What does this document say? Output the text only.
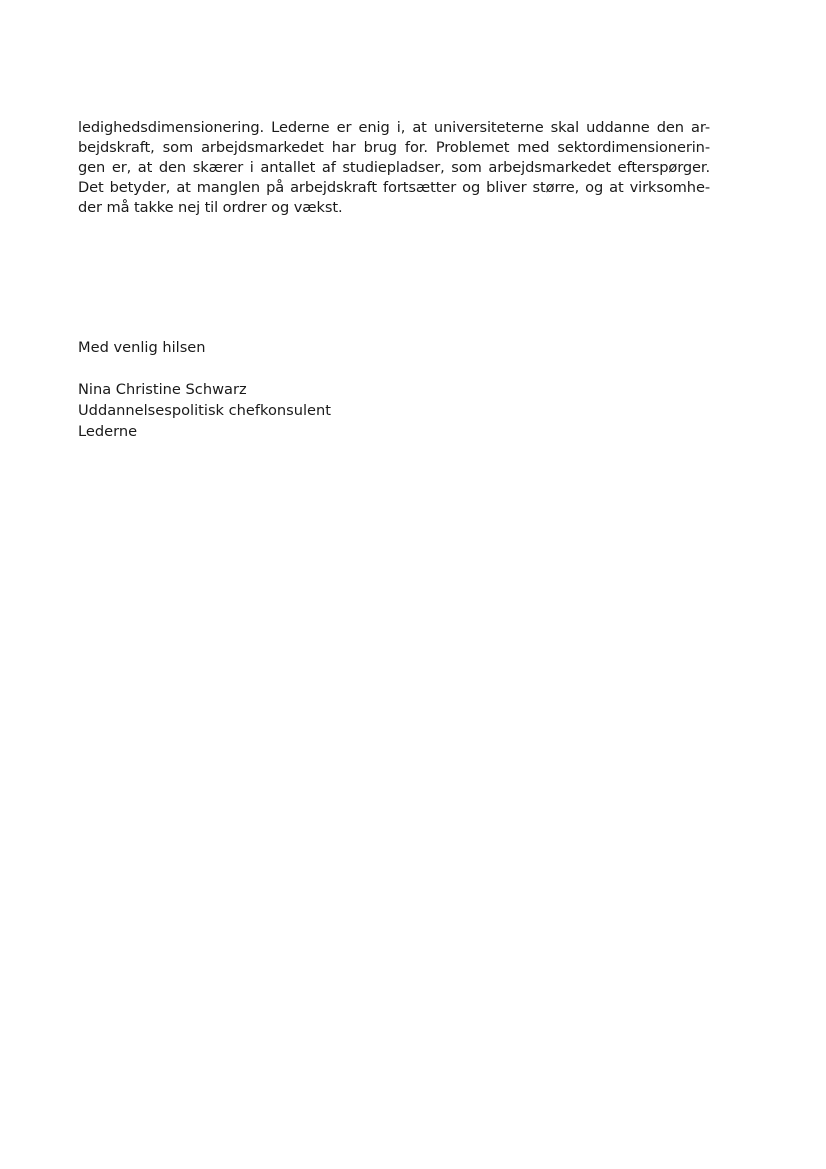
ledighedsdimensionering. Lederne er enig i, at universiteterne skal uddanne den ar-
bejdskraft, som arbejdsmarkedet har brug for. Problemet med sektordimensionerin-
gen er, at den skærer i antallet af studiepladser, som arbejdsmarkedet efterspørger.
Det betyder, at manglen på arbejdskraft fortsætter og bliver større, og at virksomhe-
der må takke nej til ordrer og vækst.

Med venlig hilsen

Nina Christine Schwarz
Uddannelsespolitisk chefkonsulent
Lederne
